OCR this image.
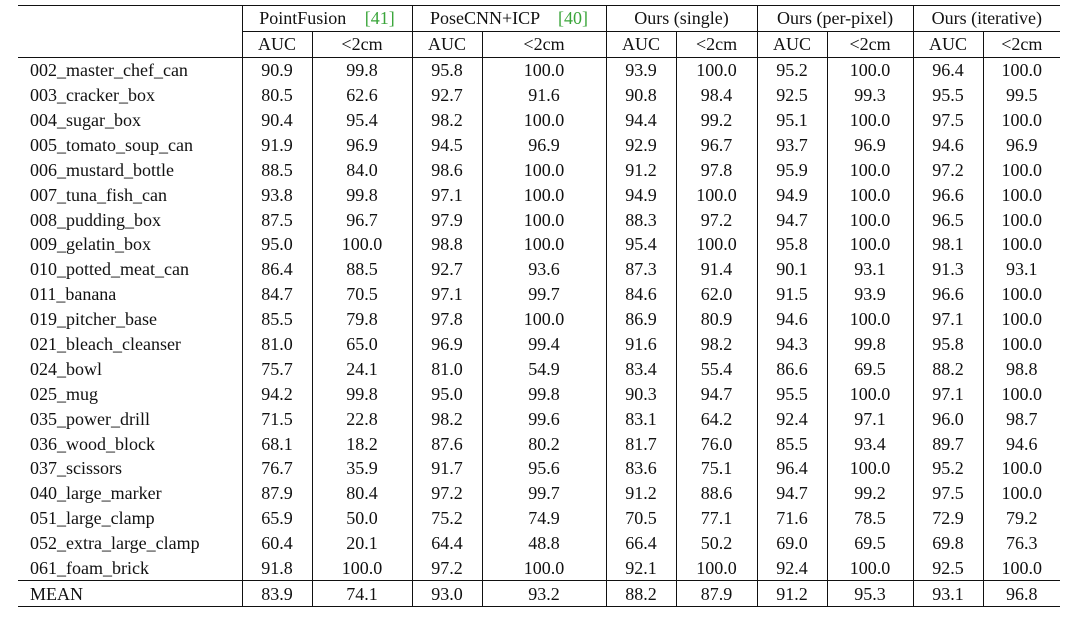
	PointFusion [41]		PoseCNN+ICP [40]		Ours (single)		Ours (per-pixel)		Ours (iterative)	
	AUC	<2cm	AUC	<2cm	AUC	<2cm	AUC	<2cm	AUC	<2cm
002_master_chef_can	90.9	99.8	95.8	100.0	93.9	100.0	95.2	100.0	96.4	100.0
003_cracker_box	80.5	62.6	92.7	91.6	90.8	98.4	92.5	99.3	95.5	99.5
004_sugar_box	90.4	95.4	98.2	100.0	94.4	99.2	95.1	100.0	97.5	100.0
005_tomato_soup_can	91.9	96.9	94.5	96.9	92.9	96.7	93.7	96.9	94.6	96.9
006_mustard_bottle	88.5	84.0	98.6	100.0	91.2	97.8	95.9	100.0	97.2	100.0
007_tuna_fish_can	93.8	99.8	97.1	100.0	94.9	100.0	94.9	100.0	96.6	100.0
008_pudding_box	87.5	96.7	97.9	100.0	88.3	97.2	94.7	100.0	96.5	100.0
009_gelatin_box	95.0	100.0	98.8	100.0	95.4	100.0	95.8	100.0	98.1	100.0
010_potted_meat_can	86.4	88.5	92.7	93.6	87.3	91.4	90.1	93.1	91.3	93.1
011_banana	84.7	70.5	97.1	99.7	84.6	62.0	91.5	93.9	96.6	100.0
019_pitcher_base	85.5	79.8	97.8	100.0	86.9	80.9	94.6	100.0	97.1	100.0
021_bleach_cleanser	81.0	65.0	96.9	99.4	91.6	98.2	94.3	99.8	95.8	100.0
024_bowl	75.7	24.1	81.0	54.9	83.4	55.4	86.6	69.5	88.2	98.8
025_mug	94.2	99.8	95.0	99.8	90.3	94.7	95.5	100.0	97.1	100.0
035_power_drill	71.5	22.8	98.2	99.6	83.1	64.2	92.4	97.1	96.0	98.7
036_wood_block	68.1	18.2	87.6	80.2	81.7	76.0	85.5	93.4	89.7	94.6
037_scissors	76.7	35.9	91.7	95.6	83.6	75.1	96.4	100.0	95.2	100.0
040_large_marker	87.9	80.4	97.2	99.7	91.2	88.6	94.7	99.2	97.5	100.0
051_large_clamp	65.9	50.0	75.2	74.9	70.5	77.1	71.6	78.5	72.9	79.2
052_extra_large_clamp	60.4	20.1	64.4	48.8	66.4	50.2	69.0	69.5	69.8	76.3
061_foam_brick	91.8	100.0	97.2	100.0	92.1	100.0	92.4	100.0	92.5	100.0
MEAN	83.9	74.1	93.0	93.2	88.2	87.9	91.2	95.3	93.1	96.8
